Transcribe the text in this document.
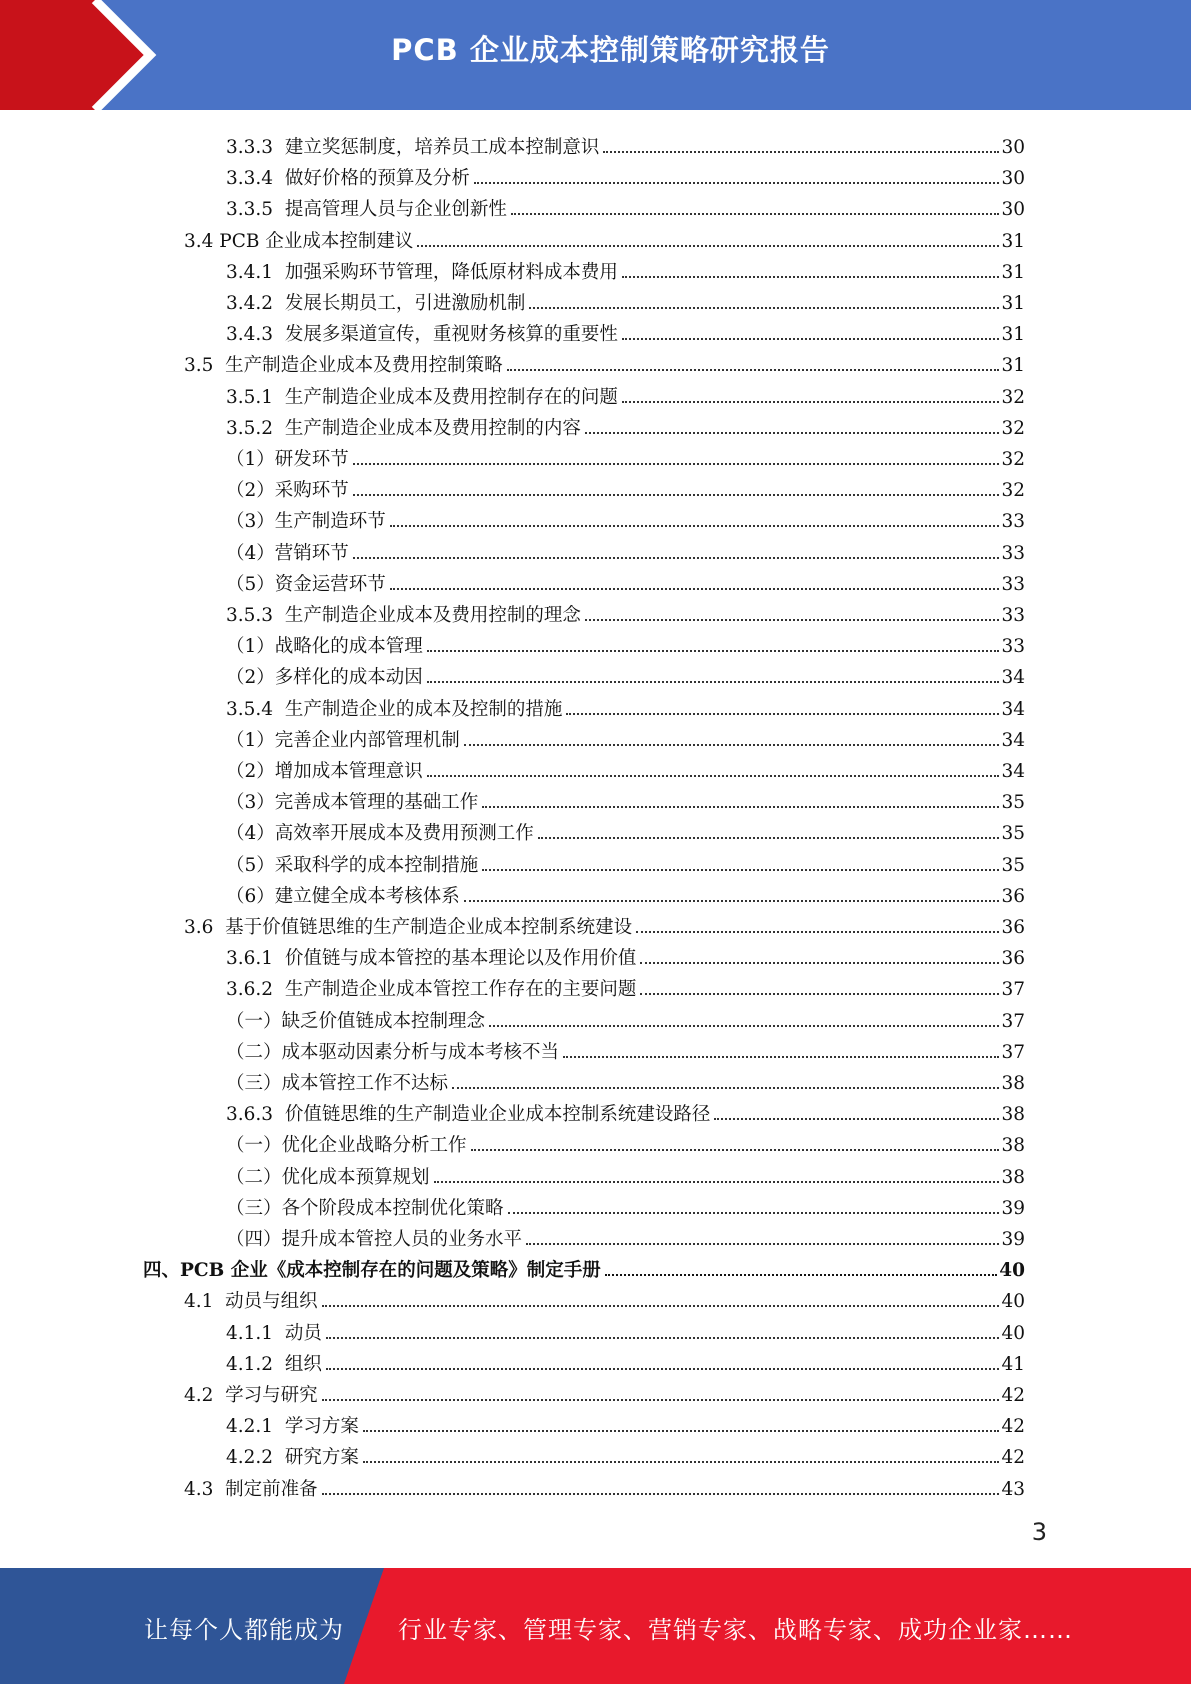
PCB 企业成本控制策略研究报告
3.3.3  建立奖惩制度，培养员工成本控制意识	30
3.3.4  做好价格的预算及分析	30
3.3.5  提高管理人员与企业创新性	30
3.4 PCB 企业成本控制建议	31
3.4.1  加强采购环节管理，降低原材料成本费用	31
3.4.2  发展长期员工，引进激励机制	31
3.4.3  发展多渠道宣传，重视财务核算的重要性	31
3.5  生产制造企业成本及费用控制策略	31
3.5.1  生产制造企业成本及费用控制存在的问题	32
3.5.2  生产制造企业成本及费用控制的内容	32
（1）研发环节	32
（2）采购环节	32
（3）生产制造环节	33
（4）营销环节	33
（5）资金运营环节	33
3.5.3  生产制造企业成本及费用控制的理念	33
（1）战略化的成本管理	33
（2）多样化的成本动因	34
3.5.4  生产制造企业的成本及控制的措施	34
（1）完善企业内部管理机制	34
（2）增加成本管理意识	34
（3）完善成本管理的基础工作	35
（4）高效率开展成本及费用预测工作	35
（5）采取科学的成本控制措施	35
（6）建立健全成本考核体系	36
3.6  基于价值链思维的生产制造企业成本控制系统建设	36
3.6.1  价值链与成本管控的基本理论以及作用价值	36
3.6.2  生产制造企业成本管控工作存在的主要问题	37
（一）缺乏价值链成本控制理念	37
（二）成本驱动因素分析与成本考核不当	37
（三）成本管控工作不达标	38
3.6.3  价值链思维的生产制造业企业成本控制系统建设路径	38
（一）优化企业战略分析工作	38
（二）优化成本预算规划	38
（三）各个阶段成本控制优化策略	39
（四）提升成本管控人员的业务水平	39
四、PCB 企业《成本控制存在的问题及策略》制定手册	40
4.1  动员与组织	40
4.1.1  动员	40
4.1.2  组织	41
4.2  学习与研究	42
4.2.1  学习方案	42
4.2.2  研究方案	42
4.3  制定前准备	43
3
让每个人都能成为 行业专家、管理专家、营销专家、战略专家、成功企业家……
